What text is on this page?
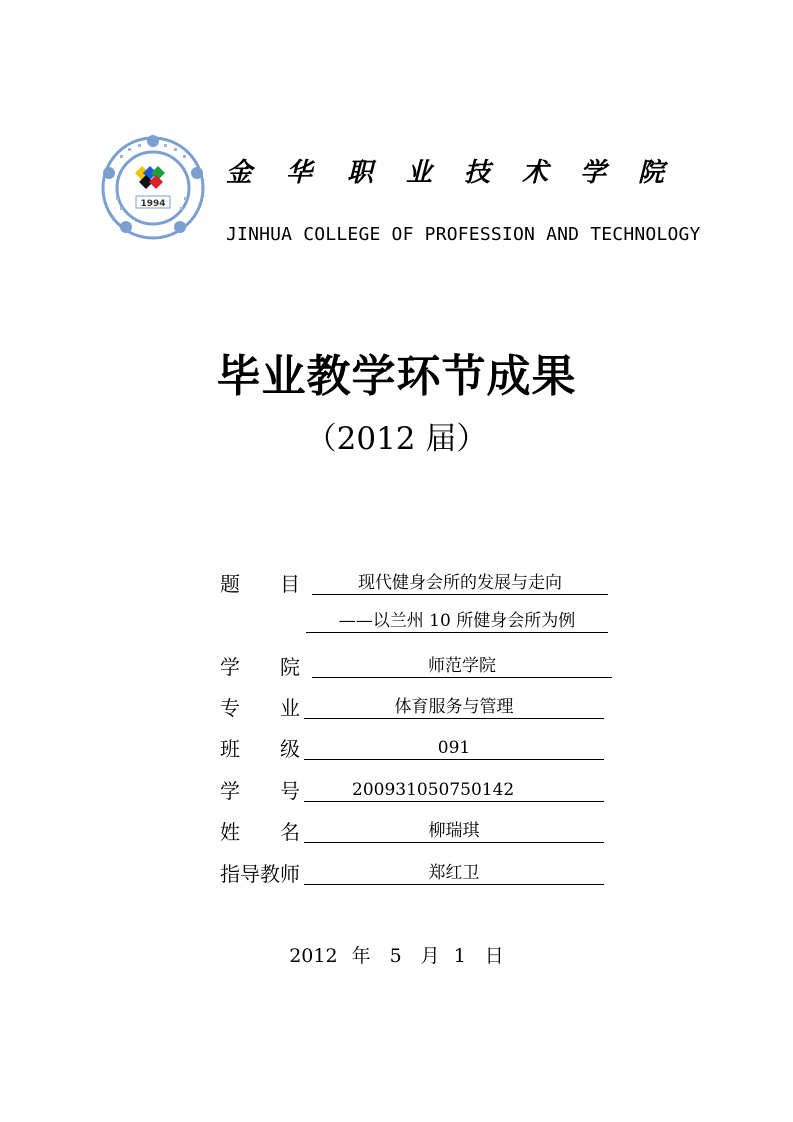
1994
金 华 职 业 技 术 学 院
JINHUA COLLEGE OF PROFESSION AND TECHNOLOGY
毕业教学环节成果
（2012 届）
题　　目	现代健身会所的发展与走向
——以兰州 10 所健身会所为例
学　　院	师范学院
专　　业	体育服务与管理
班　　级	091
学　　号	200931050750142
姓　　名	柳瑞琪
指导教师	郑红卫
2012 年　5　月 1　日
